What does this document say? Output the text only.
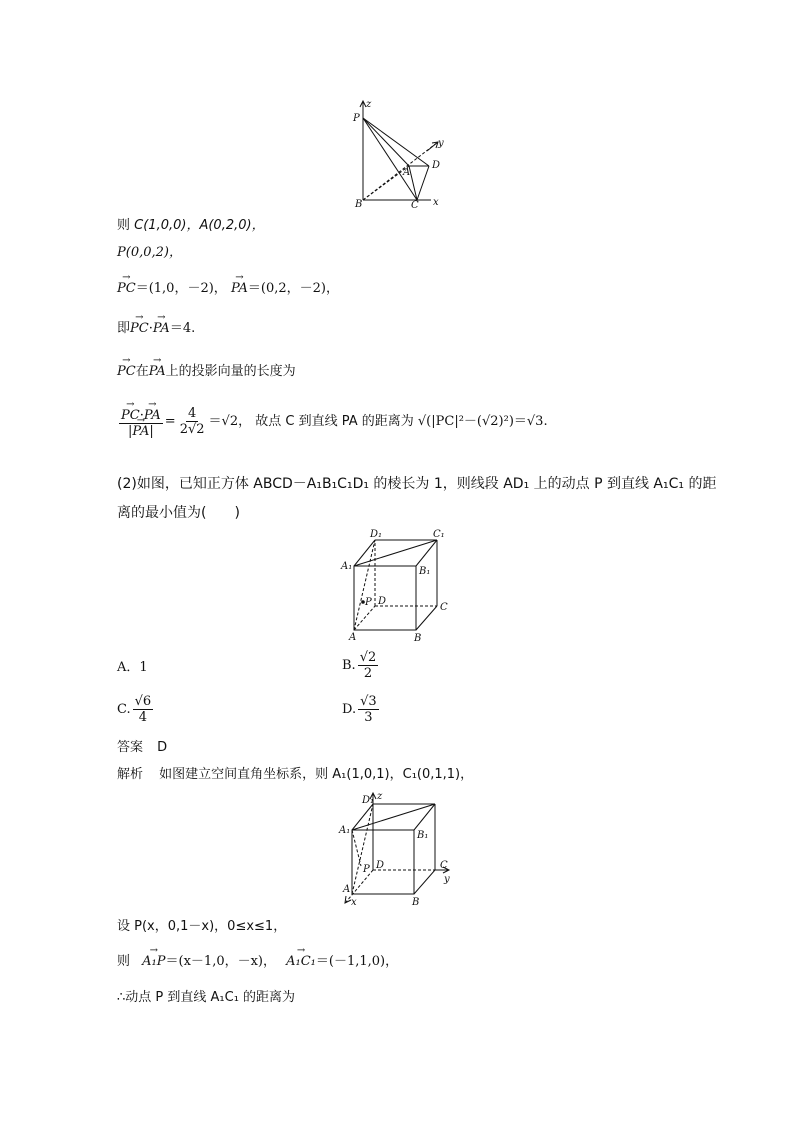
z
P
y
D
A
B	C x
则 C(1,0,0)，A(0,2,0)，
P(0,0,2)，
→ PC＝(1,0，－2)， → PA＝(0,2，－2)，
即→ PC·→ PA＝4.
→ PC在→ PA上的投影向量的长度为
→ $\frac{PC\cdot\to PA}{|\to PA|} = \frac{4}{2√2} =√2$， 故点 C 到直线 PA 的距离为 √(|PC|²－(√2)²)＝√3.
(2)如图，已知正方体 ABCD－A₁B₁C₁D₁ 的棱长为 1，则线段 AD₁ 上的动点 P 到直线 A₁C₁ 的距
离的最小值为(　　)
D₁	C₁
A₁	B₁
P D
C
A	B
A．1	B. $\frac{√2}{2}$
C. $\frac{√6}{4}$	D. $\frac{√3}{3}$
答案 D
解析 如图建立空间直角坐标系，则 A₁(1,0,1)，C₁(0,1,1)，
D₁ z
A₁	B₁
P D	C
y
A
x	B
设 P(x，0,1－x)，0≤x≤1，
则 → A₁P＝(x－1,0，－x)， → A₁C₁＝(－1,1,0)，
∴动点 P 到直线 A₁C₁ 的距离为
